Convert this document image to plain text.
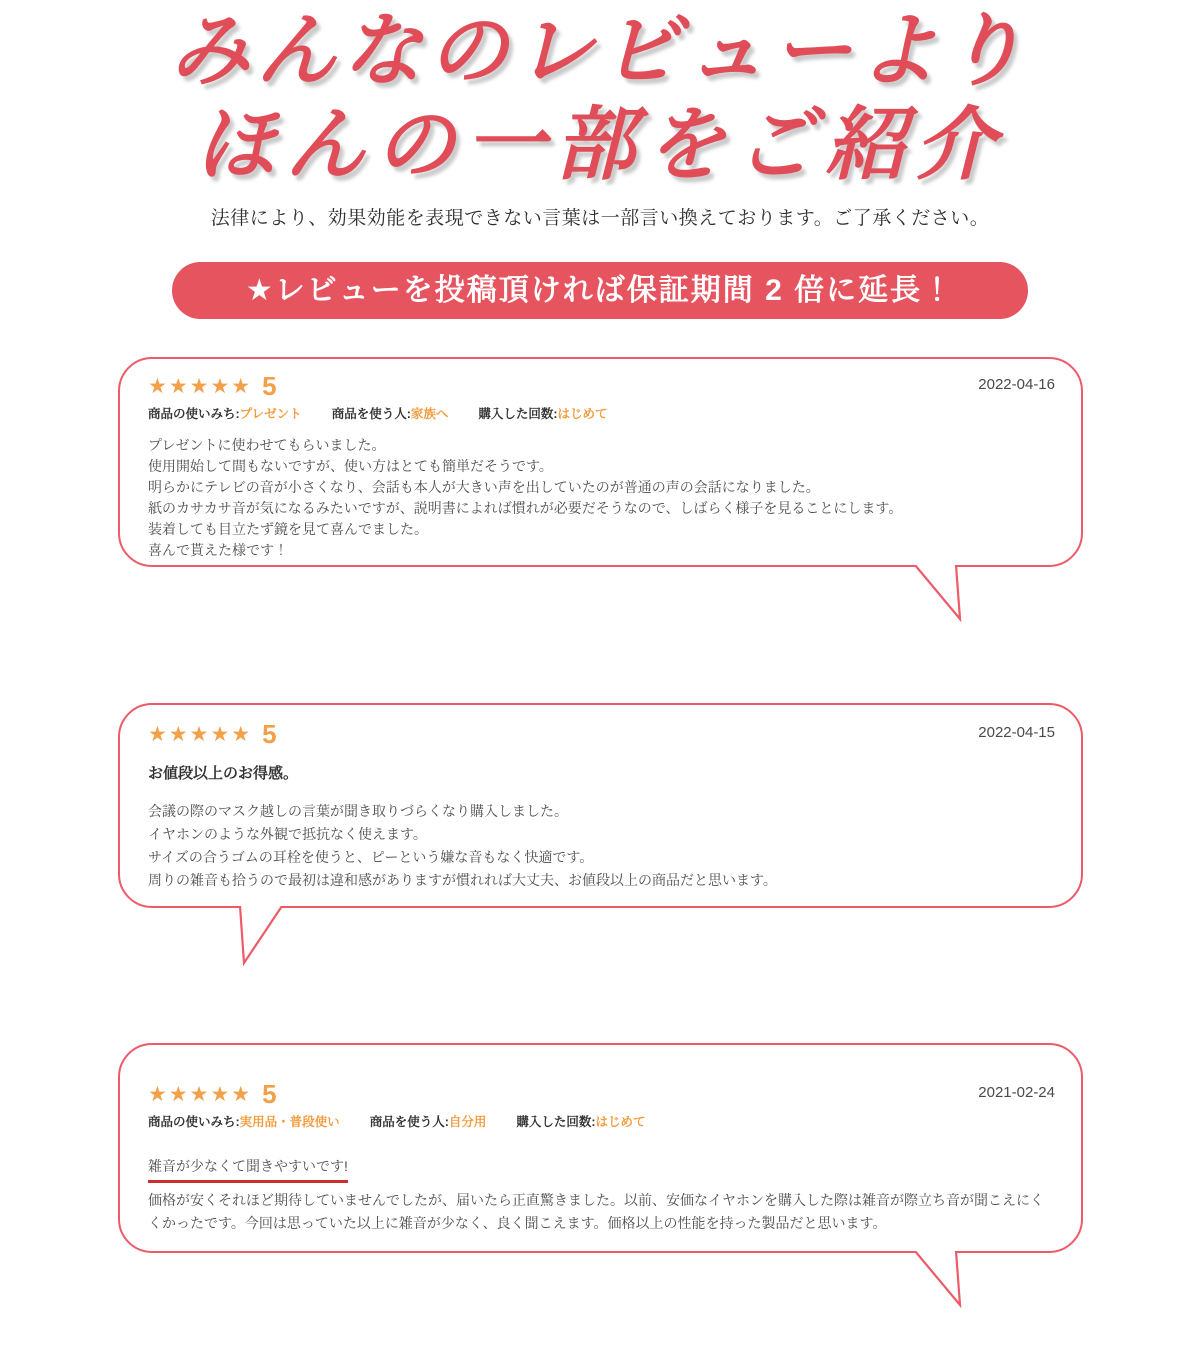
みんなのレビューより
ほんの一部をご紹介
法律により、効果効能を表現できない言葉は一部言い換えております。ご了承ください。
★レビューを投稿頂ければ保証期間 2 倍に延長！
★★★★★ 5	2022-04-16
商品の使いみち:プレゼント 商品を使う人:家族へ 購入した回数:はじめて
プレゼントに使わせてもらいました。
使用開始して間もないですが、使い方はとても簡単だそうです。
明らかにテレビの音が小さくなり、会話も本人が大きい声を出していたのが普通の声の会話になりました。
紙のカサカサ音が気になるみたいですが、説明書によれば慣れが必要だそうなので、しばらく様子を見ることにします。
装着しても目立たず鏡を見て喜んでました。
喜んで貰えた様です！
★★★★★ 5	2022-04-15
お値段以上のお得感。
会議の際のマスク越しの言葉が聞き取りづらくなり購入しました。
イヤホンのような外観で抵抗なく使えます。
サイズの合うゴムの耳栓を使うと、ピーという嫌な音もなく快適です。
周りの雑音も拾うので最初は違和感がありますが慣れれば大丈夫、お値段以上の商品だと思います。
★★★★★ 5	2021-02-24
商品の使いみち:実用品・普段使い 商品を使う人:自分用 購入した回数:はじめて
雑音が少なくて聞きやすいです!
価格が安くそれほど期待していませんでしたが、届いたら正直驚きました。以前、安価なイヤホンを購入した際は雑音が際立ち音が聞こえにくくかったです。今回は思っていた以上に雑音が少なく、良く聞こえます。価格以上の性能を持った製品だと思います。
